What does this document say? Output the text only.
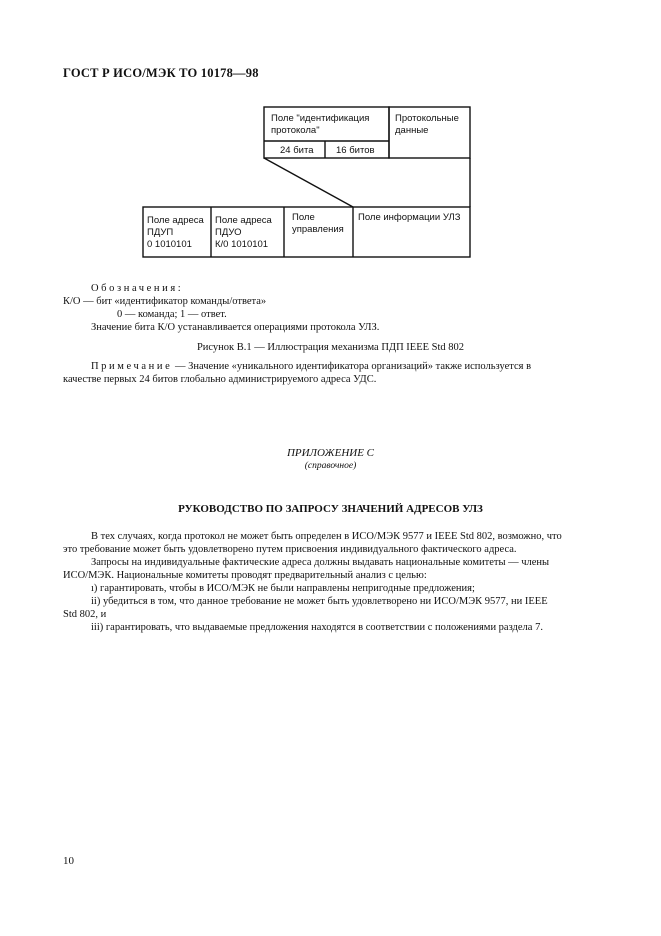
ГОСТ Р ИСО/МЭК ТО 10178—98
Поле "идентификация
протокола"
Протокольные
данные
24 бита 16 битов
Поле адреса
ПДУП
0 1010101
Поле адреса
ПДУО
К/0 1010101
Поле
управления
Поле информации УЛЗ
Обозначения:
К/О — бит «идентификатор команды/ответа»
0 — команда; 1 — ответ.
Значение бита К/О устанавливается операциями протокола УЛЗ.
Рисунок В.1 — Иллюстрация механизма ПДП IEEE Std 802
Примечание — Значение «уникального идентификатора организаций» также используется в
качестве первых 24 битов глобально администрируемого адреса УДС.
ПРИЛОЖЕНИЕ С
(справочное)
РУКОВОДСТВО ПО ЗАПРОСУ ЗНАЧЕНИЙ АДРЕСОВ УЛЗ
В тех случаях, когда протокол не может быть определен в ИСО/МЭК 9577 и IEEE Std 802, возможно, что
это требование может быть удовлетворено путем присвоения индивидуального фактического адреса.
Запросы на индивидуальные фактические адреса должны выдавать национальные комитеты — члены
ИСО/МЭК. Национальные комитеты проводят предварительный анализ с целью:
ı) гарантировать, чтобы в ИСО/МЭК не были направлены непригодные предложения;
ii) убедиться в том, что данное требование не может быть удовлетворено ни ИСО/МЭК 9577, ни IEEE
Std 802, и
iii) гарантировать, что выдаваемые предложения находятся в соответствии с положениями раздела 7.
10
